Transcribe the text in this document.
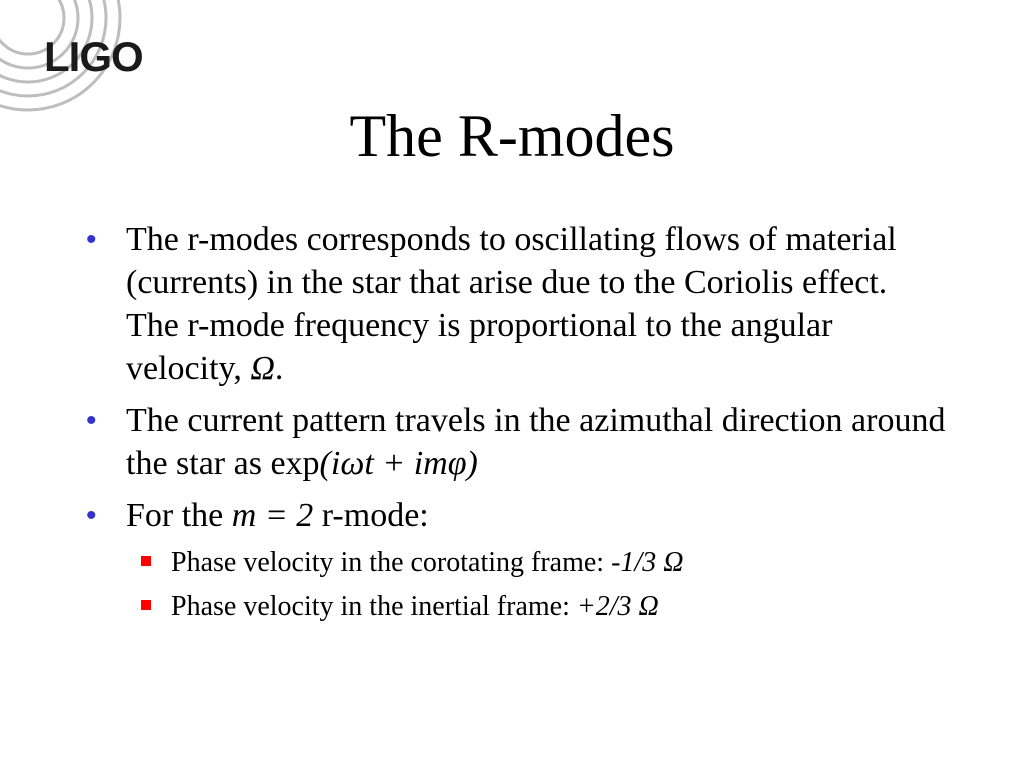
LIGO
The R-modes
• The r-modes corresponds to oscillating flows of material (currents) in the star that arise due to the Coriolis effect. The r-mode frequency is proportional to the angular velocity, Ω.
• The current pattern travels in the azimuthal direction around the star as exp(iωt + imφ)
• For the m = 2 r-mode:
Phase velocity in the corotating frame: -1/3 Ω
Phase velocity in the inertial frame: +2/3 Ω
